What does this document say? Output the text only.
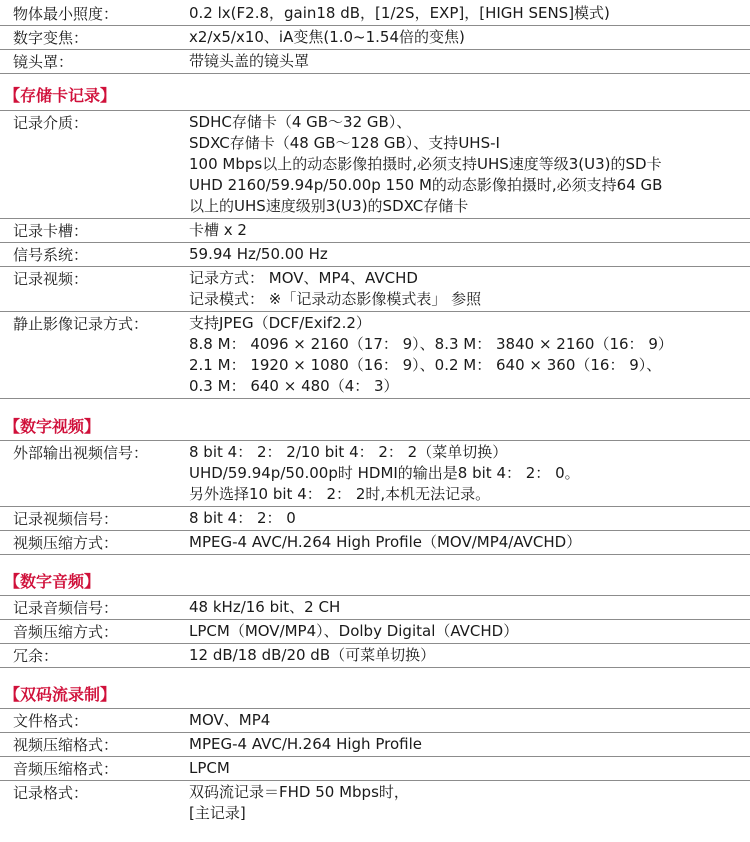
物体最小照度：	0.2 lx(F2.8，gain18 dB，[1/2S，EXP]，[HIGH SENS]模式)
数字变焦：	x2/x5/x10、iA变焦(1.0~1.54倍的变焦)
镜头罩：	带镜头盖的镜头罩
【存储卡记录】
记录介质：	SDHC存储卡（4 GB～32 GB）、
SDXC存储卡（48 GB～128 GB）、支持UHS-I
100 Mbps以上的动态影像拍摄时,必须支持UHS速度等级3(U3)的SD卡
UHD 2160/59.94p/50.00p 150 M的动态影像拍摄时,必须支持64 GB
以上的UHS速度级别3(U3)的SDXC存储卡
记录卡槽：	卡槽 x 2
信号系统：	59.94 Hz/50.00 Hz
记录视频：	记录方式： MOV、MP4、AVCHD
记录模式： ※「记录动态影像模式表」 参照
静止影像记录方式：	支持JPEG（DCF/Exif2.2）
8.8 M： 4096 × 2160（17： 9）、8.3 M： 3840 × 2160（16： 9）
2.1 M： 1920 × 1080（16： 9）、0.2 M： 640 × 360（16： 9）、
0.3 M： 640 × 480（4： 3）
【数字视频】
外部输出视频信号：	8 bit 4： 2： 2/10 bit 4： 2： 2（菜单切换）
UHD/59.94p/50.00p时 HDMI的输出是8 bit 4： 2： 0。
另外选择10 bit 4： 2： 2时,本机无法记录。
记录视频信号：	8 bit 4： 2： 0
视频压缩方式：	MPEG-4 AVC/H.264 High Profile（MOV/MP4/AVCHD）
【数字音频】
记录音频信号：	48 kHz/16 bit、2 CH
音频压缩方式：	LPCM（MOV/MP4）、Dolby Digital（AVCHD）
冗余：	12 dB/18 dB/20 dB（可菜单切换）
【双码流录制】
文件格式：	MOV、MP4
视频压缩格式：	MPEG-4 AVC/H.264 High Profile
音频压缩格式：	LPCM
记录格式：	双码流记录＝FHD 50 Mbps时，
[主记录]
